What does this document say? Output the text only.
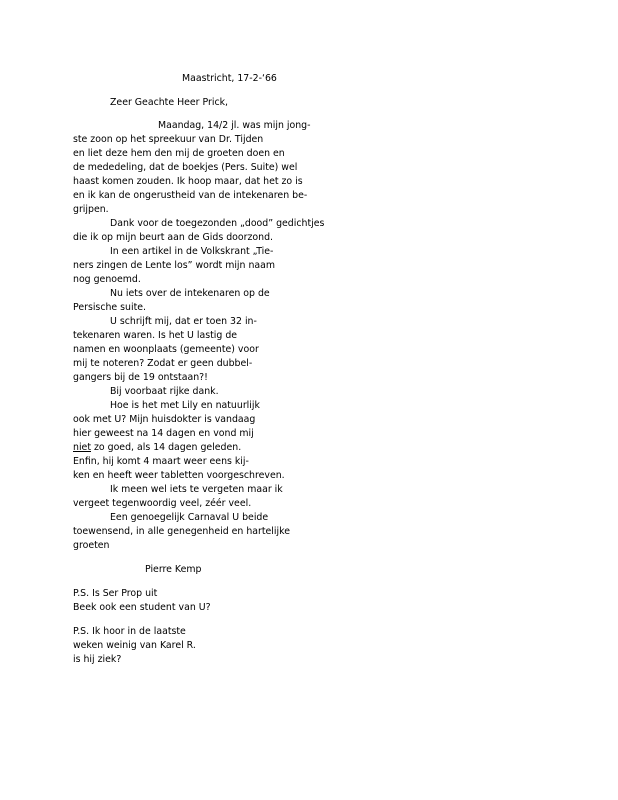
Maastricht, 17-2-‘66
Zeer Geachte Heer Prick,
Maandag, 14/2 jl. was mijn jong-
ste zoon op het spreekuur van Dr. Tijden
en liet deze hem den mij de groeten doen en
de mededeling, dat de boekjes (Pers. Suite) wel
haast komen zouden. Ik hoop maar, dat het zo is
en ik kan de ongerustheid van de intekenaren be-
grijpen.
Dank voor de toegezonden „dood” gedichtjes
die ik op mijn beurt aan de Gids doorzond.
In een artikel in de Volkskrant „Tie-
ners zingen de Lente los” wordt mijn naam
nog genoemd.
Nu iets over de intekenaren op de
Persische suite.
U schrijft mij, dat er toen 32 in-
tekenaren waren. Is het U lastig de
namen en woonplaats (gemeente) voor
mij te noteren? Zodat er geen dubbel-
gangers bij de 19 ontstaan?!
Bij voorbaat rijke dank.
Hoe is het met Lily en natuurlijk
ook met U? Mijn huisdokter is vandaag
hier geweest na 14 dagen en vond mij
niet zo goed, als 14 dagen geleden.
Enfin, hij komt 4 maart weer eens kij-
ken en heeft weer tabletten voorgeschreven.
Ik meen wel iets te vergeten maar ik
vergeet tegenwoordig veel, zéér veel.
Een genoegelijk Carnaval U beide
toewensend, in alle genegenheid en hartelijke
groeten
Pierre Kemp
P.S. Is Ser Prop uit
Beek ook een student van U?
P.S. Ik hoor in de laatste
weken weinig van Karel R.
is hij ziek?
